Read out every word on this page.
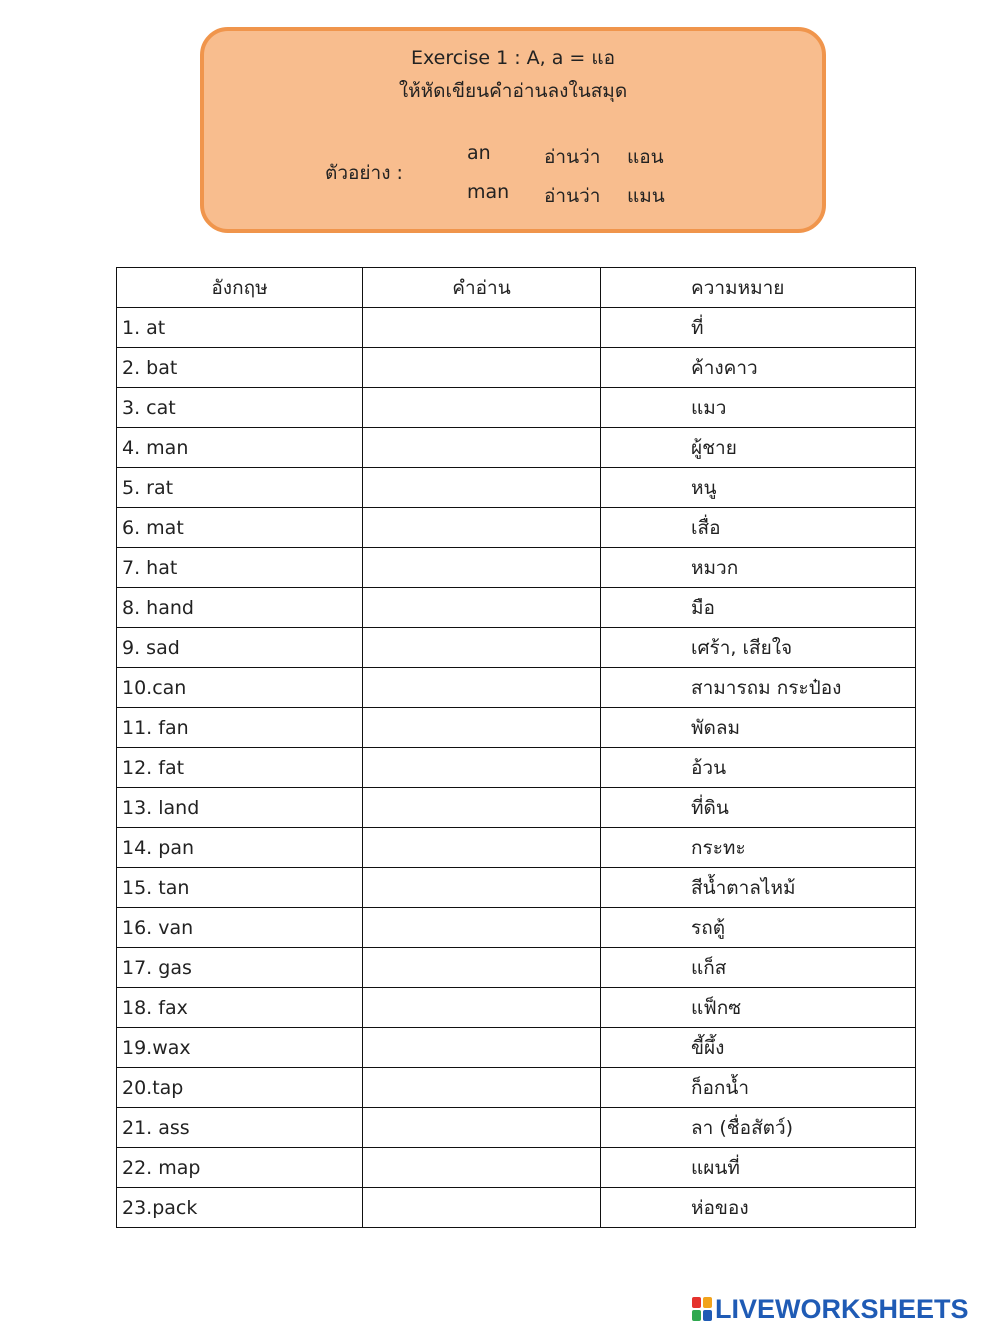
Exercise 1 : A, a = แอ
ให้หัดเขียนคำอ่านลงในสมุด
ตัวอย่าง :
an	อ่านว่า แอน
man อ่านว่า แมน
อังกฤษ	คำอ่าน	ความหมาย
1. at		ที่
2. bat		ค้างคาว
3. cat		แมว
4. man		ผู้ชาย
5. rat		หนู
6. mat		เสื่อ
7. hat		หมวก
8. hand		มือ
9. sad		เศร้า, เสียใจ
10.can		สามารถม กระป๋อง
11. fan		พัดลม
12. fat		อ้วน
13. land		ที่ดิน
14. pan		กระทะ
15. tan		สีน้ำตาลไหม้
16. van		รถตู้
17. gas		แก็ส
18. fax		แฟ็กซ
19.wax		ขี้ผึ้ง
20.tap		ก็อกน้ำ
21. ass		ลา (ชื่อสัตว์)
22. map		แผนที่
23.pack		ห่อของ
LIVEWORKSHEETS
